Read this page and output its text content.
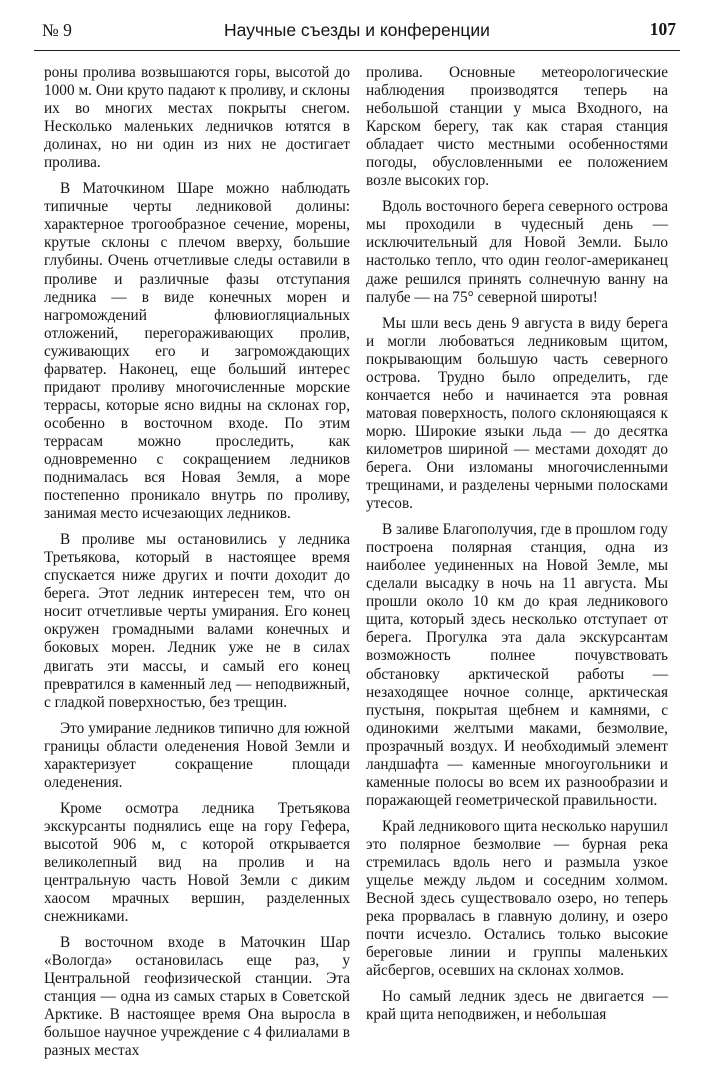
№ 9	Научные съезды и конференции	107

роны пролива возвышаются горы, высотой до 1000 м. Они круто падают к проливу, и склоны их во многих местах покрыты снегом. Несколько маленьких ледничков ютятся в долинах, но ни один из них не достигает пролива.

В Маточкином Шаре можно наблюдать типичные черты ледниковой долины: характерное трогообразное сечение, морены, крутые склоны с плечом вверху, большие глубины. Очень отчетливые следы оставили в проливе и различные фазы отступания ледника — в виде конечных морен и нагромождений флювиогляциальных отложений, перегораживающих пролив, суживающих его и загромождающих фарватер. Наконец, еще больший интерес придают проливу многочисленные морские террасы, которые ясно видны на склонах гор, особенно в восточном входе. По этим террасам можно проследить, как одновременно с сокращением ледников поднималась вся Новая Земля, а море постепенно проникало внутрь по проливу, занимая место исчезающих ледников.

В проливе мы остановились у ледника Третьякова, который в настоящее время спускается ниже других и почти доходит до берега. Этот ледник интересен тем, что он носит отчетливые черты умирания. Его конец окружен громадными валами конечных и боковых морен. Ледник уже не в силах двигать эти массы, и самый его конец превратился в каменный лед — неподвижный, с гладкой поверхностью, без трещин.

Это умирание ледников типично для южной границы области оледенения Новой Земли и характеризует сокращение площади оледенения.

Кроме осмотра ледника Третьякова экскурсанты поднялись еще на гору Гефера, высотой 906 м, с которой открывается великолепный вид на пролив и на центральную часть Новой Земли с диким хаосом мрачных вершин, разделенных снежниками.

В восточном входе в Маточкин Шар «Вологда» остановилась еще раз, у Центральной геофизической станции. Эта станция — одна из самых старых в Советской Арктике. В настоящее время Она выросла в большое научное учреждение с 4 филиалами в разных местах

пролива. Основные метеорологические наблюдения производятся теперь на небольшой станции у мыса Входного, на Карском берегу, так как старая станция обладает чисто местными особенностями погоды, обусловленными ее положением возле высоких гор.

Вдоль восточного берега северного острова мы проходили в чудесный день — исключительный для Новой Земли. Было настолько тепло, что один геолог-американец даже решился принять солнечную ванну на палубе — на 75° северной широты!

Мы шли весь день 9 августа в виду берега и могли любоваться ледниковым щитом, покрывающим большую часть северного острова. Трудно было определить, где кончается небо и начинается эта ровная матовая поверхность, полого склоняющаяся к морю. Широкие языки льда — до десятка километров шириной — местами доходят до берега. Они изломаны многочисленными трещинами, и разделены черными полосками утесов.

В заливе Благополучия, где в прошлом году построена полярная станция, одна из наиболее уединенных на Новой Земле, мы сделали высадку в ночь на 11 августа. Мы прошли около 10 км до края ледникового щита, который здесь несколько отступает от берега. Прогулка эта дала экскурсантам возможность полнее почувствовать обстановку арктической работы — незаходящее ночное солнце, арктическая пустыня, покрытая щебнем и камнями, с одинокими желтыми маками, безмолвие, прозрачный воздух. И необходимый элемент ландшафта — каменные многоугольники и каменные полосы во всем их разнообразии и поражающей геометрической правильности.

Край ледникового щита несколько нарушил это полярное безмолвие — бурная река стремилась вдоль него и размыла узкое ущелье между льдом и соседним холмом. Весной здесь существовало озеро, но теперь река прорвалась в главную долину, и озеро почти исчезло. Остались только высокие береговые линии и группы маленьких айсбергов, осевших на склонах холмов.

Но самый ледник здесь не двигается — край щита неподвижен, и небольшая
